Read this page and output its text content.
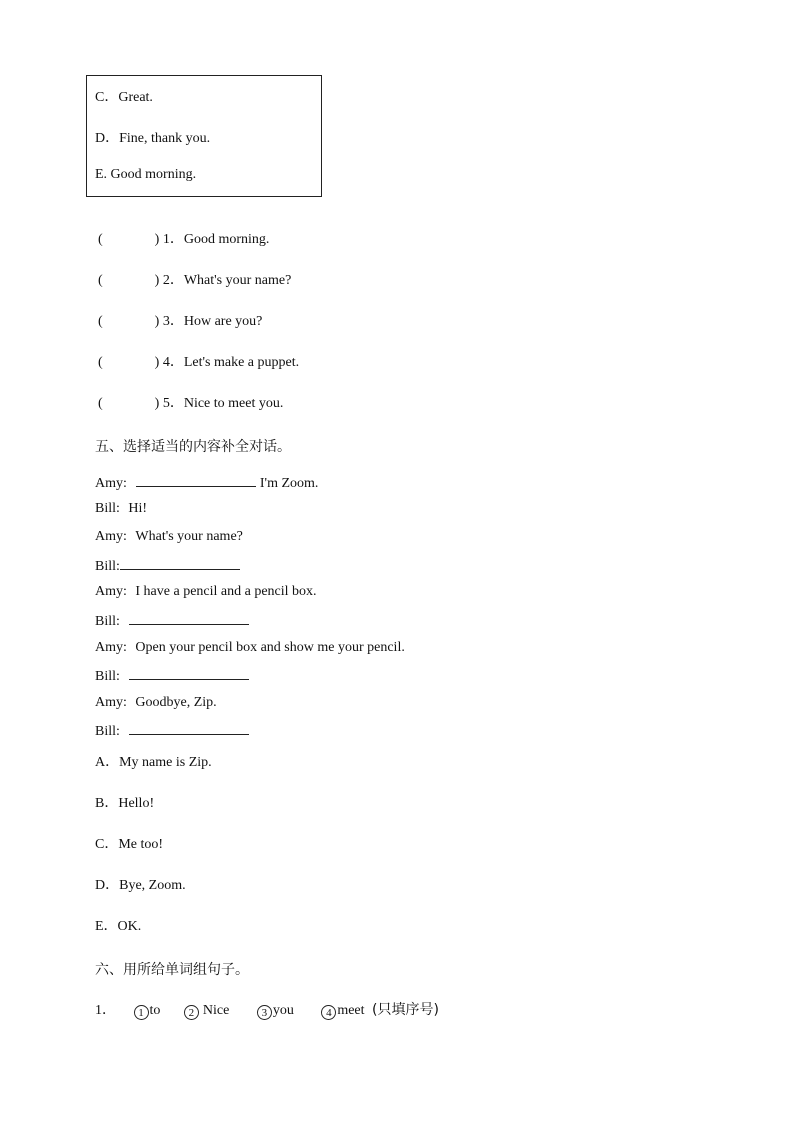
C．Great.
D．Fine, thank you.
E. Good morning.
(	) 1．Good morning.
(	) 2．What's your name?
(	) 3．How are you?
(	) 4．Let's make a puppet.
(	) 5．Nice to meet you.
五、选择适当的内容补全对话。
Amy:	I'm Zoom.
Bill: Hi!
Amy: What's your name?
Bill:
Amy: I have a pencil and a pencil box.
Bill:
Amy: Open your pencil box and show me your pencil.
Bill:
Amy: Goodbye, Zip.
Bill:
A．My name is Zip.
B．Hello!
C．Me too!
D．Bye, Zoom.
E．OK.
六、用所给单词组句子。
1． 1 to	2 Nice	3 you	4 meet (只填序号)
